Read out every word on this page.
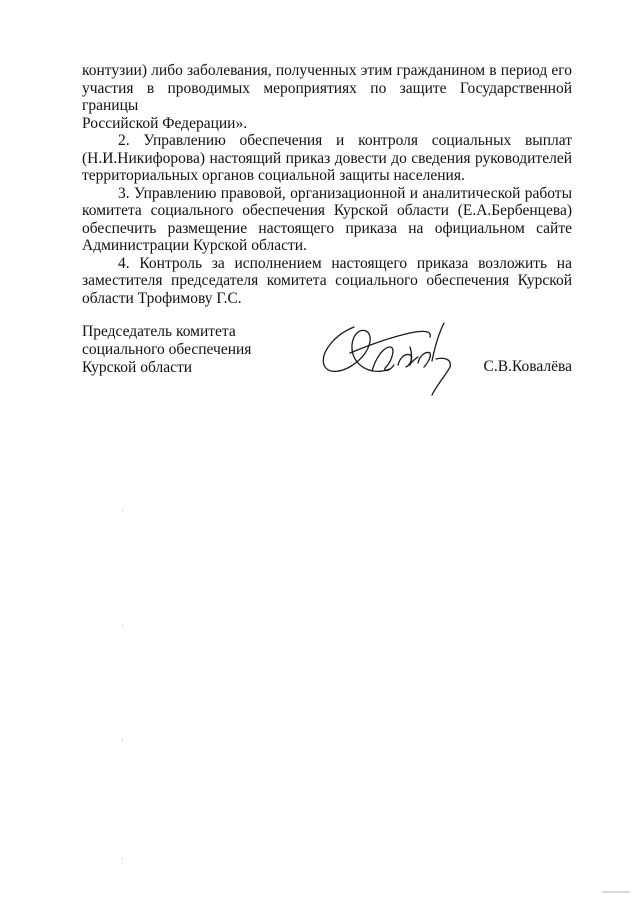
контузии) либо заболевания, полученных этим гражданином в период его
участия в проводимых мероприятиях по защите Государственной границы
Российской Федерации».

2. Управлению обеспечения и контроля социальных выплат
(Н.И.Никифорова) настоящий приказ довести до сведения руководителей
территориальных органов социальной защиты населения.

3. Управлению правовой, организационной и аналитической работы
комитета социального обеспечения Курской области (Е.А.Бербенцева)
обеспечить размещение настоящего приказа на официальном сайте
Администрации Курской области.

4. Контроль за исполнением настоящего приказа возложить на
заместителя председателя комитета социального обеспечения Курской
области Трофимову Г.С.

Председатель комитета
социального обеспечения
Курской области	С.В.Ковалёва
